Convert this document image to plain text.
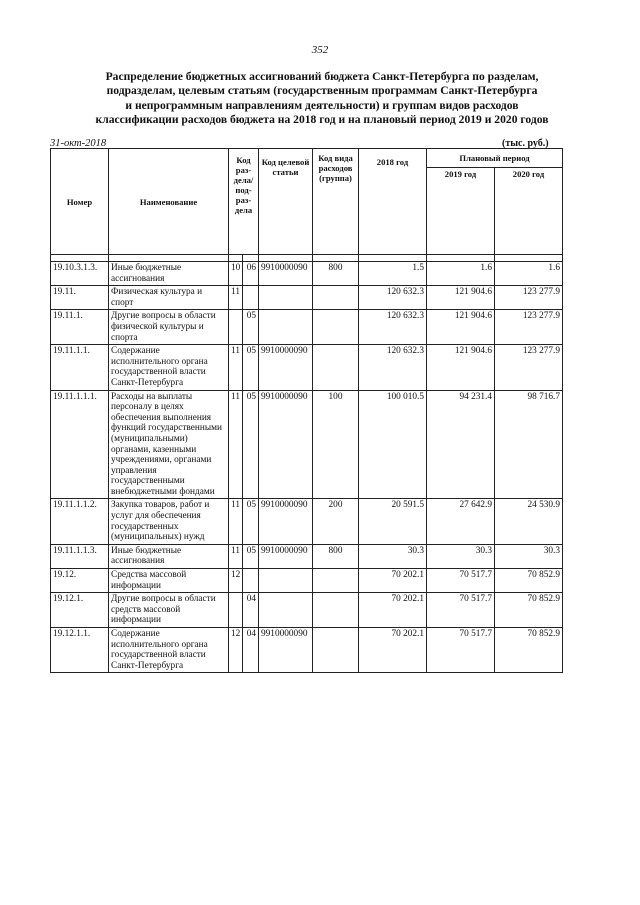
352
Распределение бюджетных ассигнований бюджета Санкт-Петербурга по разделам,
подразделам, целевым статьям (государственным программам Санкт-Петербурга
и непрограммным направлениям деятельности) и группам видов расходов
классификации расходов бюджета на 2018 год и на плановый период 2019 и 2020 годов
31-окт-2018	(тыс. руб.)
Номер	Наименование	Код раз-дела/ под-раз-дела		Код целевой статьи	Код вида расходов (группа)	2018 год	Плановый период	
							2019 год	2020 год

19.10.3.1.3.	Иные бюджетные ассигнования	10	06	9910000090	800	1.5	1.6	1.6
19.11.	Физическая культура и спорт	11				120 632.3	121 904.6	123 277.9
19.11.1.	Другие вопросы в области физической культуры и спорта		05			120 632.3	121 904.6	123 277.9
19.11.1.1.	Содержание исполнительного органа государственной власти Санкт-Петербурга	11	05	9910000090		120 632.3	121 904.6	123 277.9
19.11.1.1.1.	Расходы на выплаты персоналу в целях обеспечения выполнения функций государственными (муниципальными) органами, казенными учреждениями, органами управления государственными внебюджетными фондами	11	05	9910000090	100	100 010.5	94 231.4	98 716.7
19.11.1.1.2.	Закупка товаров, работ и услуг для обеспечения государственных (муниципальных) нужд	11	05	9910000090	200	20 591.5	27 642.9	24 530.9
19.11.1.1.3.	Иные бюджетные ассигнования	11	05	9910000090	800	30.3	30.3	30.3
19.12.	Средства массовой информации	12				70 202.1	70 517.7	70 852.9
19.12.1.	Другие вопросы в области средств массовой информации		04			70 202.1	70 517.7	70 852.9
19.12.1.1.	Содержание исполнительного органа государственной власти Санкт-Петербурга	12	04	9910000090		70 202.1	70 517.7	70 852.9
